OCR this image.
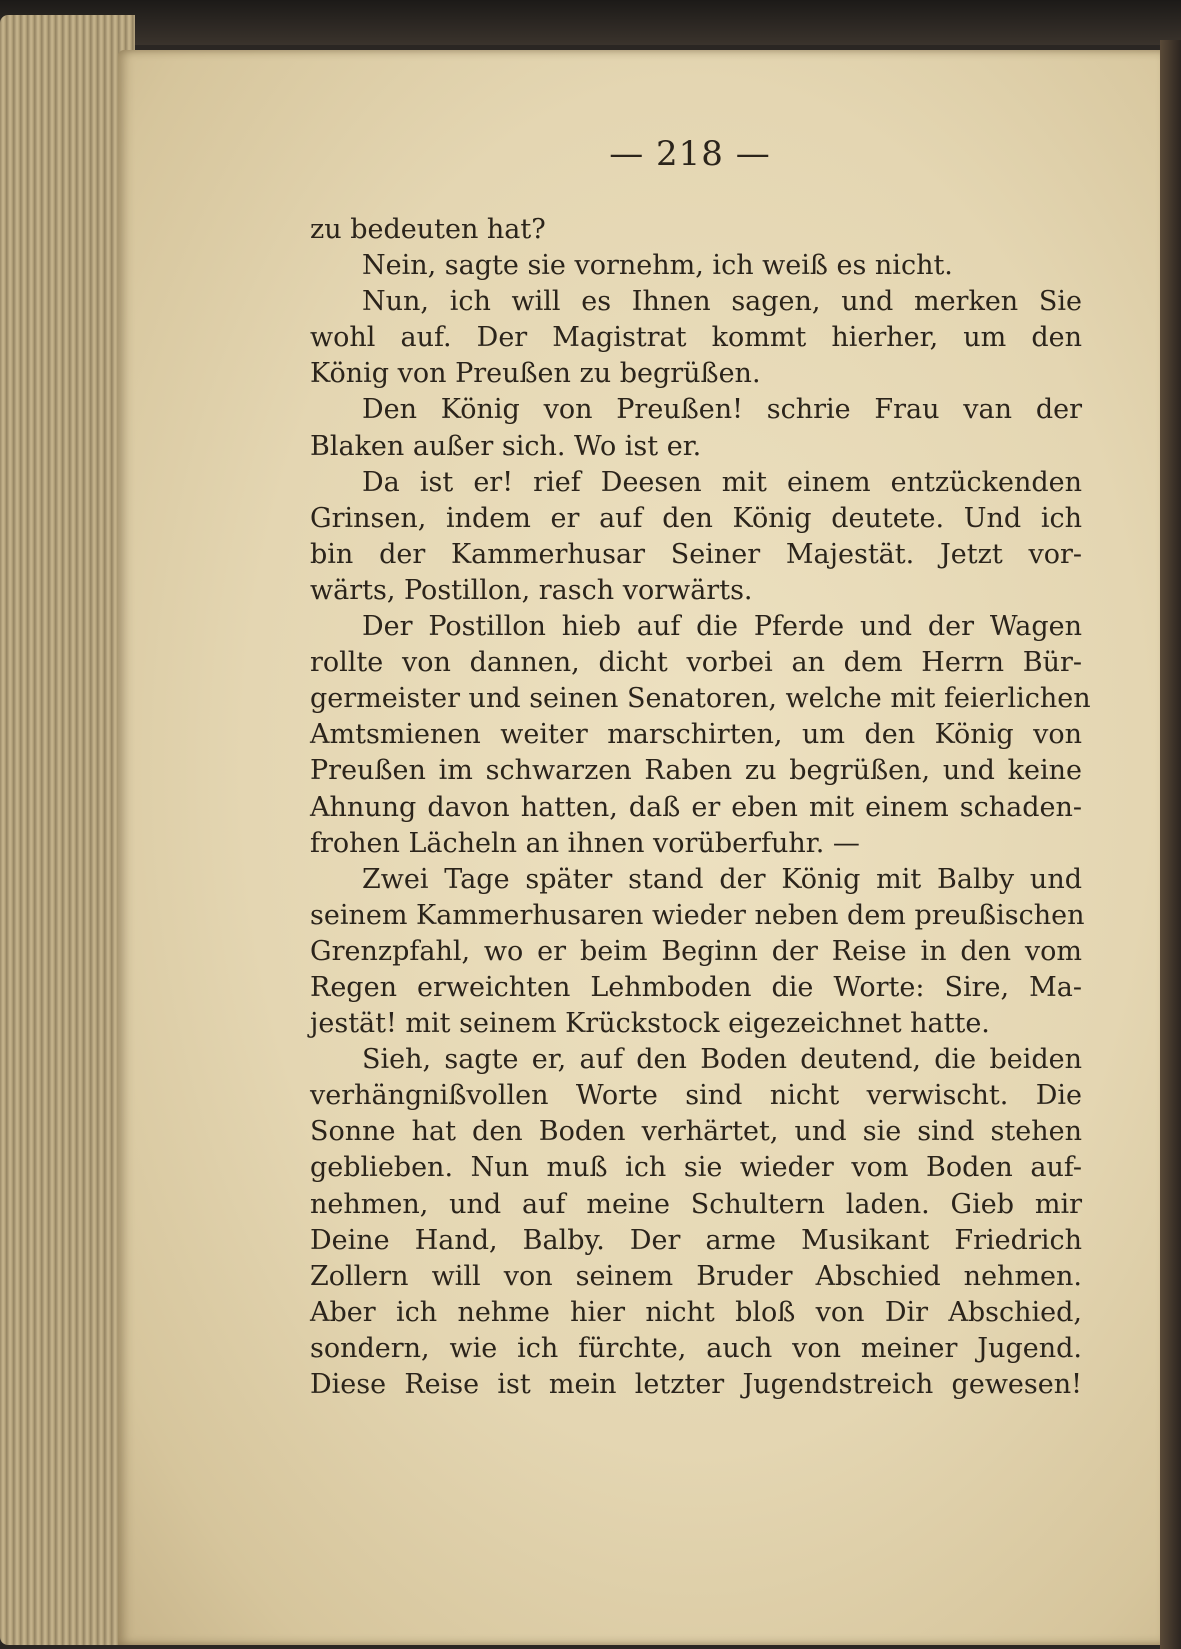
— 218 —
zu bedeuten hat?
Nein, sagte sie vornehm, ich weiß es nicht.
Nun, ich will es Ihnen sagen, und merken Sie
wohl auf. Der Magistrat kommt hierher, um den
König von Preußen zu begrüßen.
Den König von Preußen! schrie Frau van der
Blaken außer sich. Wo ist er.
Da ist er! rief Deesen mit einem entzückenden
Grinsen, indem er auf den König deutete. Und ich
bin der Kammerhusar Seiner Majestät. Jetzt vor-
wärts, Postillon, rasch vorwärts.
Der Postillon hieb auf die Pferde und der Wagen
rollte von dannen, dicht vorbei an dem Herrn Bür-
germeister und seinen Senatoren, welche mit feierlichen
Amtsmienen weiter marschirten, um den König von
Preußen im schwarzen Raben zu begrüßen, und keine
Ahnung davon hatten, daß er eben mit einem schaden-
frohen Lächeln an ihnen vorüberfuhr. —
Zwei Tage später stand der König mit Balby und
seinem Kammerhusaren wieder neben dem preußischen
Grenzpfahl, wo er beim Beginn der Reise in den vom
Regen erweichten Lehmboden die Worte: Sire, Ma-
jestät! mit seinem Krückstock eigezeichnet hatte.
Sieh, sagte er, auf den Boden deutend, die beiden
verhängnißvollen Worte sind nicht verwischt. Die
Sonne hat den Boden verhärtet, und sie sind stehen
geblieben. Nun muß ich sie wieder vom Boden auf-
nehmen, und auf meine Schultern laden. Gieb mir
Deine Hand, Balby. Der arme Musikant Friedrich
Zollern will von seinem Bruder Abschied nehmen.
Aber ich nehme hier nicht bloß von Dir Abschied,
sondern, wie ich fürchte, auch von meiner Jugend.
Diese Reise ist mein letzter Jugendstreich gewesen!
